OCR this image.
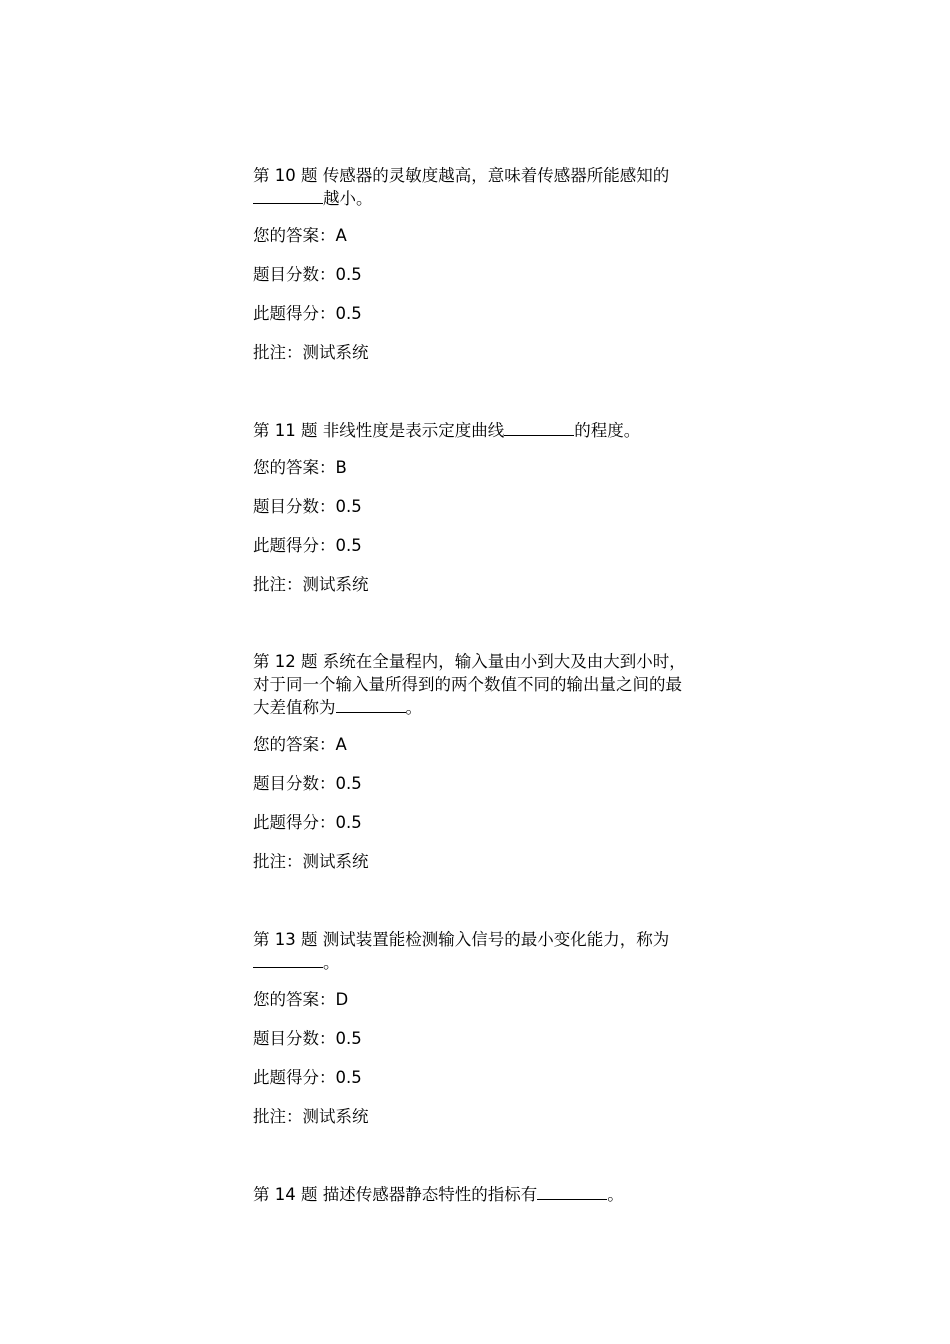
第 10 题 传感器的灵敏度越高，意味着传感器所能感知的
越小。

您的答案：A

题目分数：0.5

此题得分：0.5

批注：测试系统

第 11 题 非线性度是表示定度曲线	的程度。

您的答案：B

题目分数：0.5

此题得分：0.5

批注：测试系统

第 12 题 系统在全量程内，输入量由小到大及由大到小时，对于同一个输入量所得到的两个数值不同的输出量之间的最大差值称为	。

您的答案：A

题目分数：0.5

此题得分：0.5

批注：测试系统

第 13 题 测试装置能检测输入信号的最小变化能力，称为
。

您的答案：D

题目分数：0.5

此题得分：0.5

批注：测试系统

第 14 题 描述传感器静态特性的指标有	。
